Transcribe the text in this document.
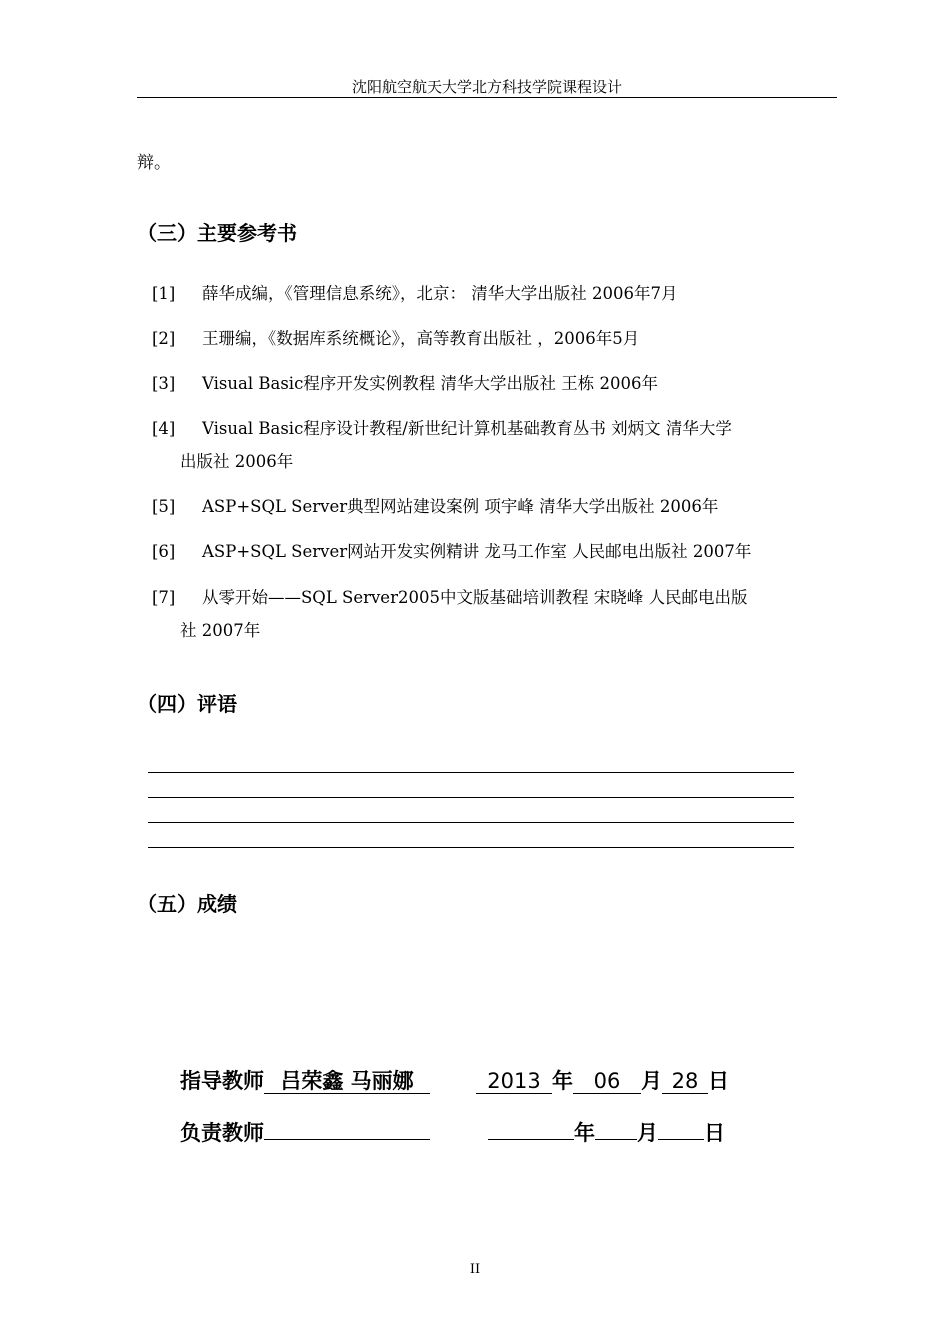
沈阳航空航天大学北方科技学院课程设计
辩。
（三）主要参考书
[1] 薛华成编，《管理信息系统》，北京： 清华大学出版社 2006年7月
[2] 王珊编，《数据库系统概论》，高等教育出版社 ，2006年5月
[3] Visual Basic程序开发实例教程 清华大学出版社 王栋 2006年
[4] Visual Basic程序设计教程/新世纪计算机基础教育丛书 刘炳文 清华大学
出版社 2006年
[5] ASP+SQL Server典型网站建设案例 项宇峰 清华大学出版社 2006年
[6] ASP+SQL Server网站开发实例精讲 龙马工作室 人民邮电出版社 2007年
[7] 从零开始——SQL Server2005中文版基础培训教程 宋晓峰 人民邮电出版
社 2007年
（四）评语
（五）成绩
指导教师 吕荣鑫 马丽娜	2013 年 06 月 28 日
负责教师	年 月 日
II
